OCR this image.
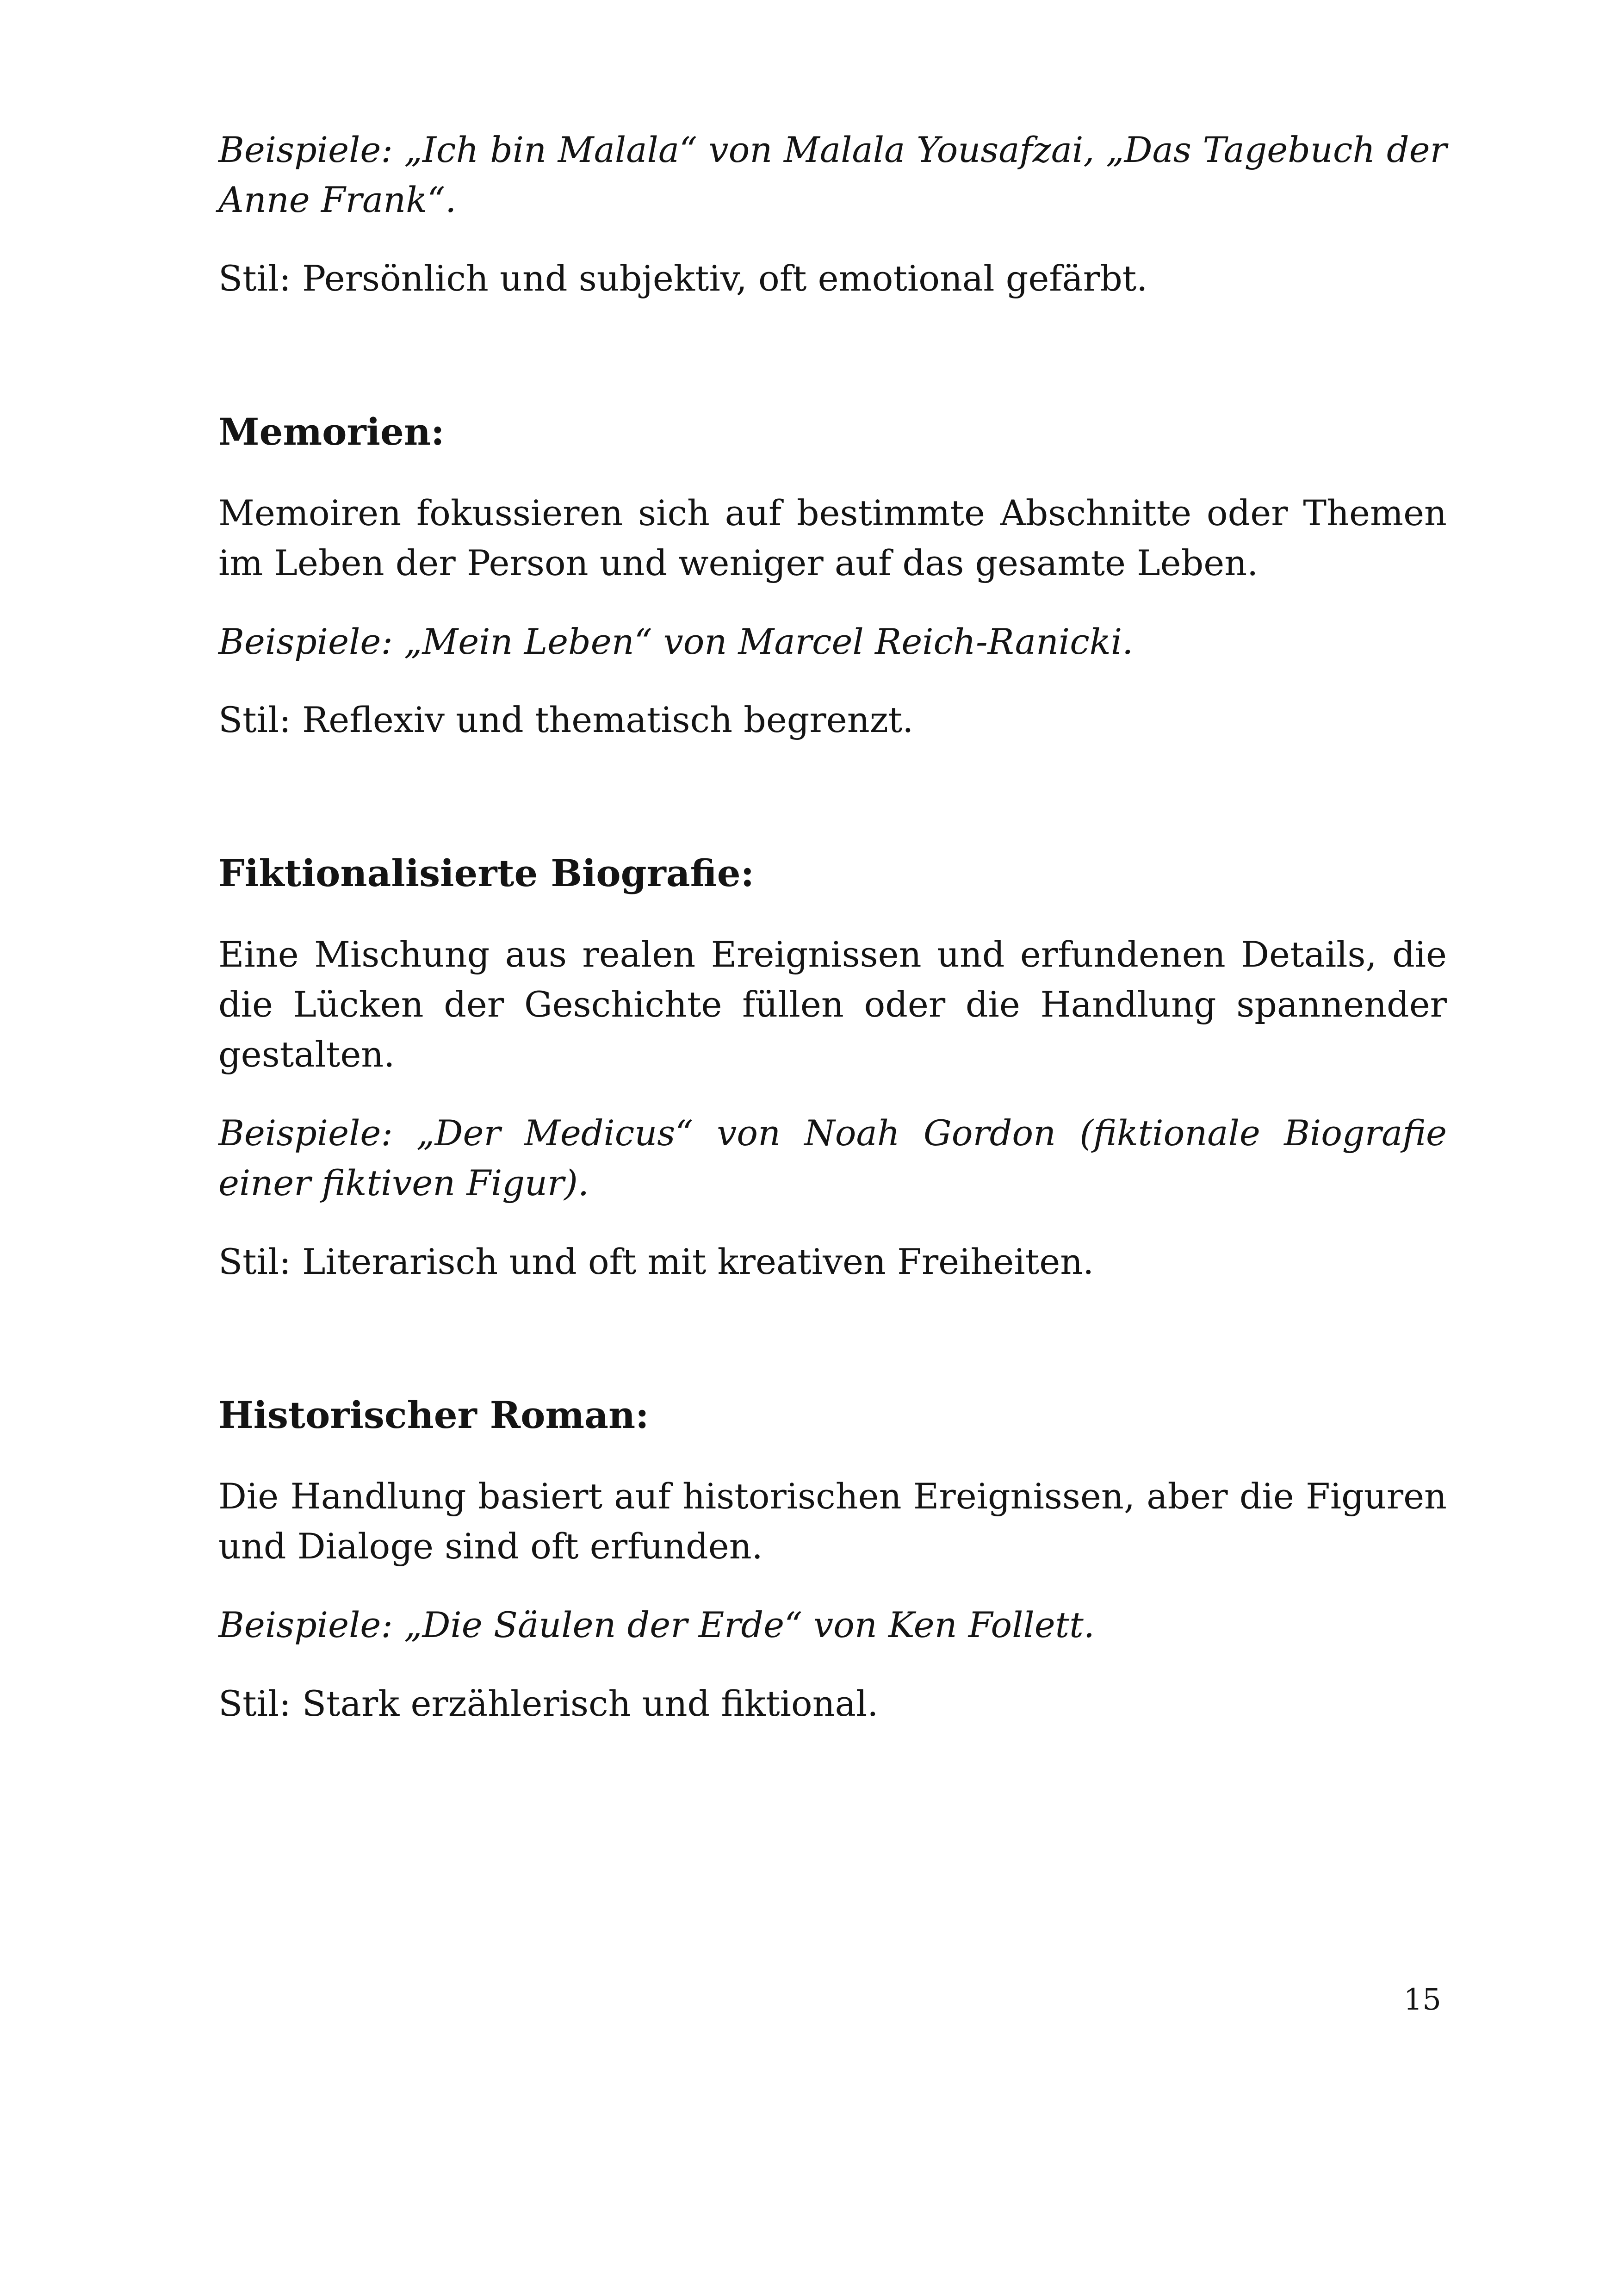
Beispiele: „Ich bin Malala“ von Malala Yousafzai, „Das Tagebuch der Anne Frank“.

Stil: Persönlich und subjektiv, oft emotional gefärbt.

Memorien:

Memoiren fokussieren sich auf bestimmte Abschnitte oder Themen im Leben der Person und weniger auf das gesamte Leben.

Beispiele: „Mein Leben“ von Marcel Reich-Ranicki.

Stil: Reflexiv und thematisch begrenzt.

Fiktionalisierte Biografie:

Eine Mischung aus realen Ereignissen und erfundenen Details, die die Lücken der Geschichte füllen oder die Handlung spannender gestalten.

Beispiele: „Der Medicus“ von Noah Gordon (fiktionale Biografie einer fiktiven Figur).

Stil: Literarisch und oft mit kreativen Freiheiten.

Historischer Roman:

Die Handlung basiert auf historischen Ereignissen, aber die Figuren und Dialoge sind oft erfunden.

Beispiele: „Die Säulen der Erde“ von Ken Follett.

Stil: Stark erzählerisch und fiktional.

15
